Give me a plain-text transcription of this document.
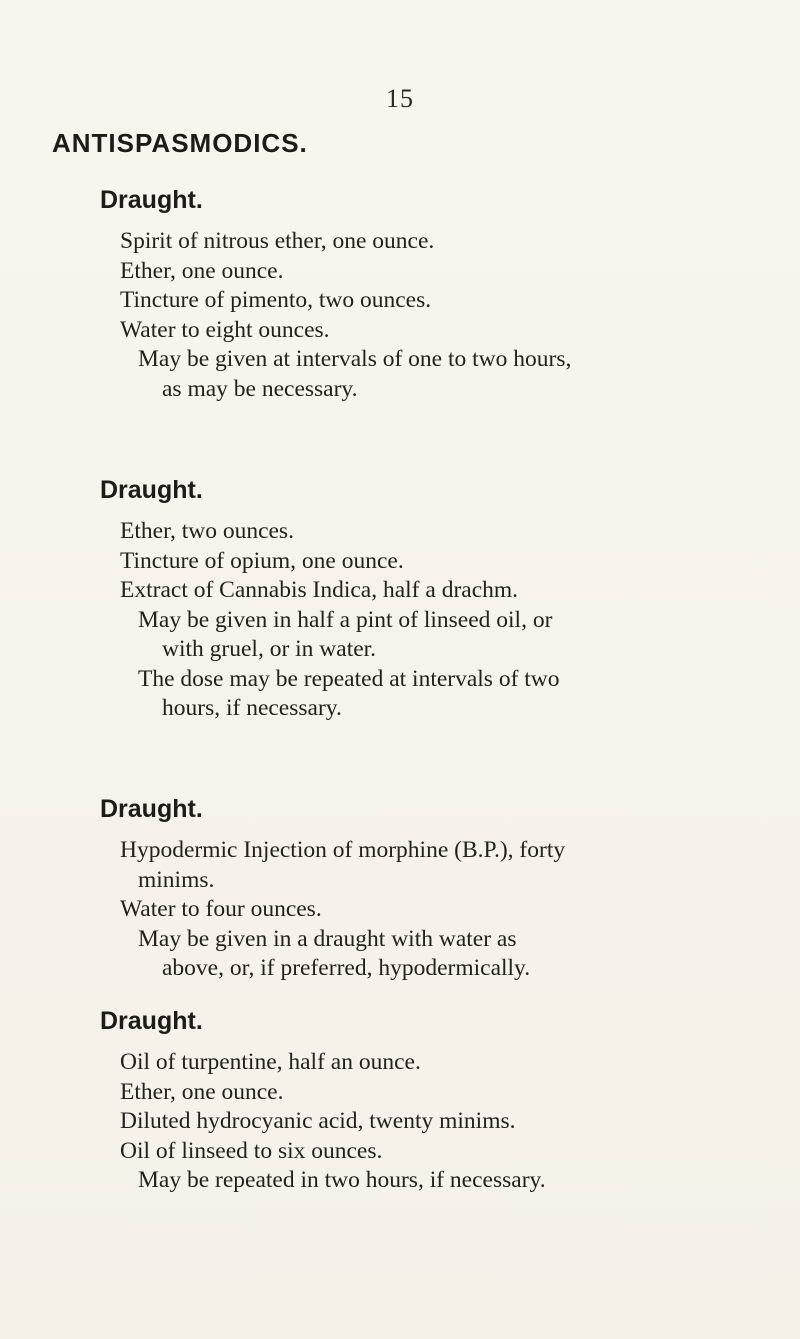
15
ANTISPASMODICS.
Draught.
Spirit of nitrous ether, one ounce.
Ether, one ounce.
Tincture of pimento, two ounces.
Water to eight ounces.
May be given at intervals of one to two hours,
as may be necessary.
Draught.
Ether, two ounces.
Tincture of opium, one ounce.
Extract of Cannabis Indica, half a drachm.
May be given in half a pint of linseed oil, or
with gruel, or in water.
The dose may be repeated at intervals of two
hours, if necessary.
Draught.
Hypodermic Injection of morphine (B.P.), forty
minims.
Water to four ounces.
May be given in a draught with water as
above, or, if preferred, hypodermically.
Draught.
Oil of turpentine, half an ounce.
Ether, one ounce.
Diluted hydrocyanic acid, twenty minims.
Oil of linseed to six ounces.
May be repeated in two hours, if necessary.
